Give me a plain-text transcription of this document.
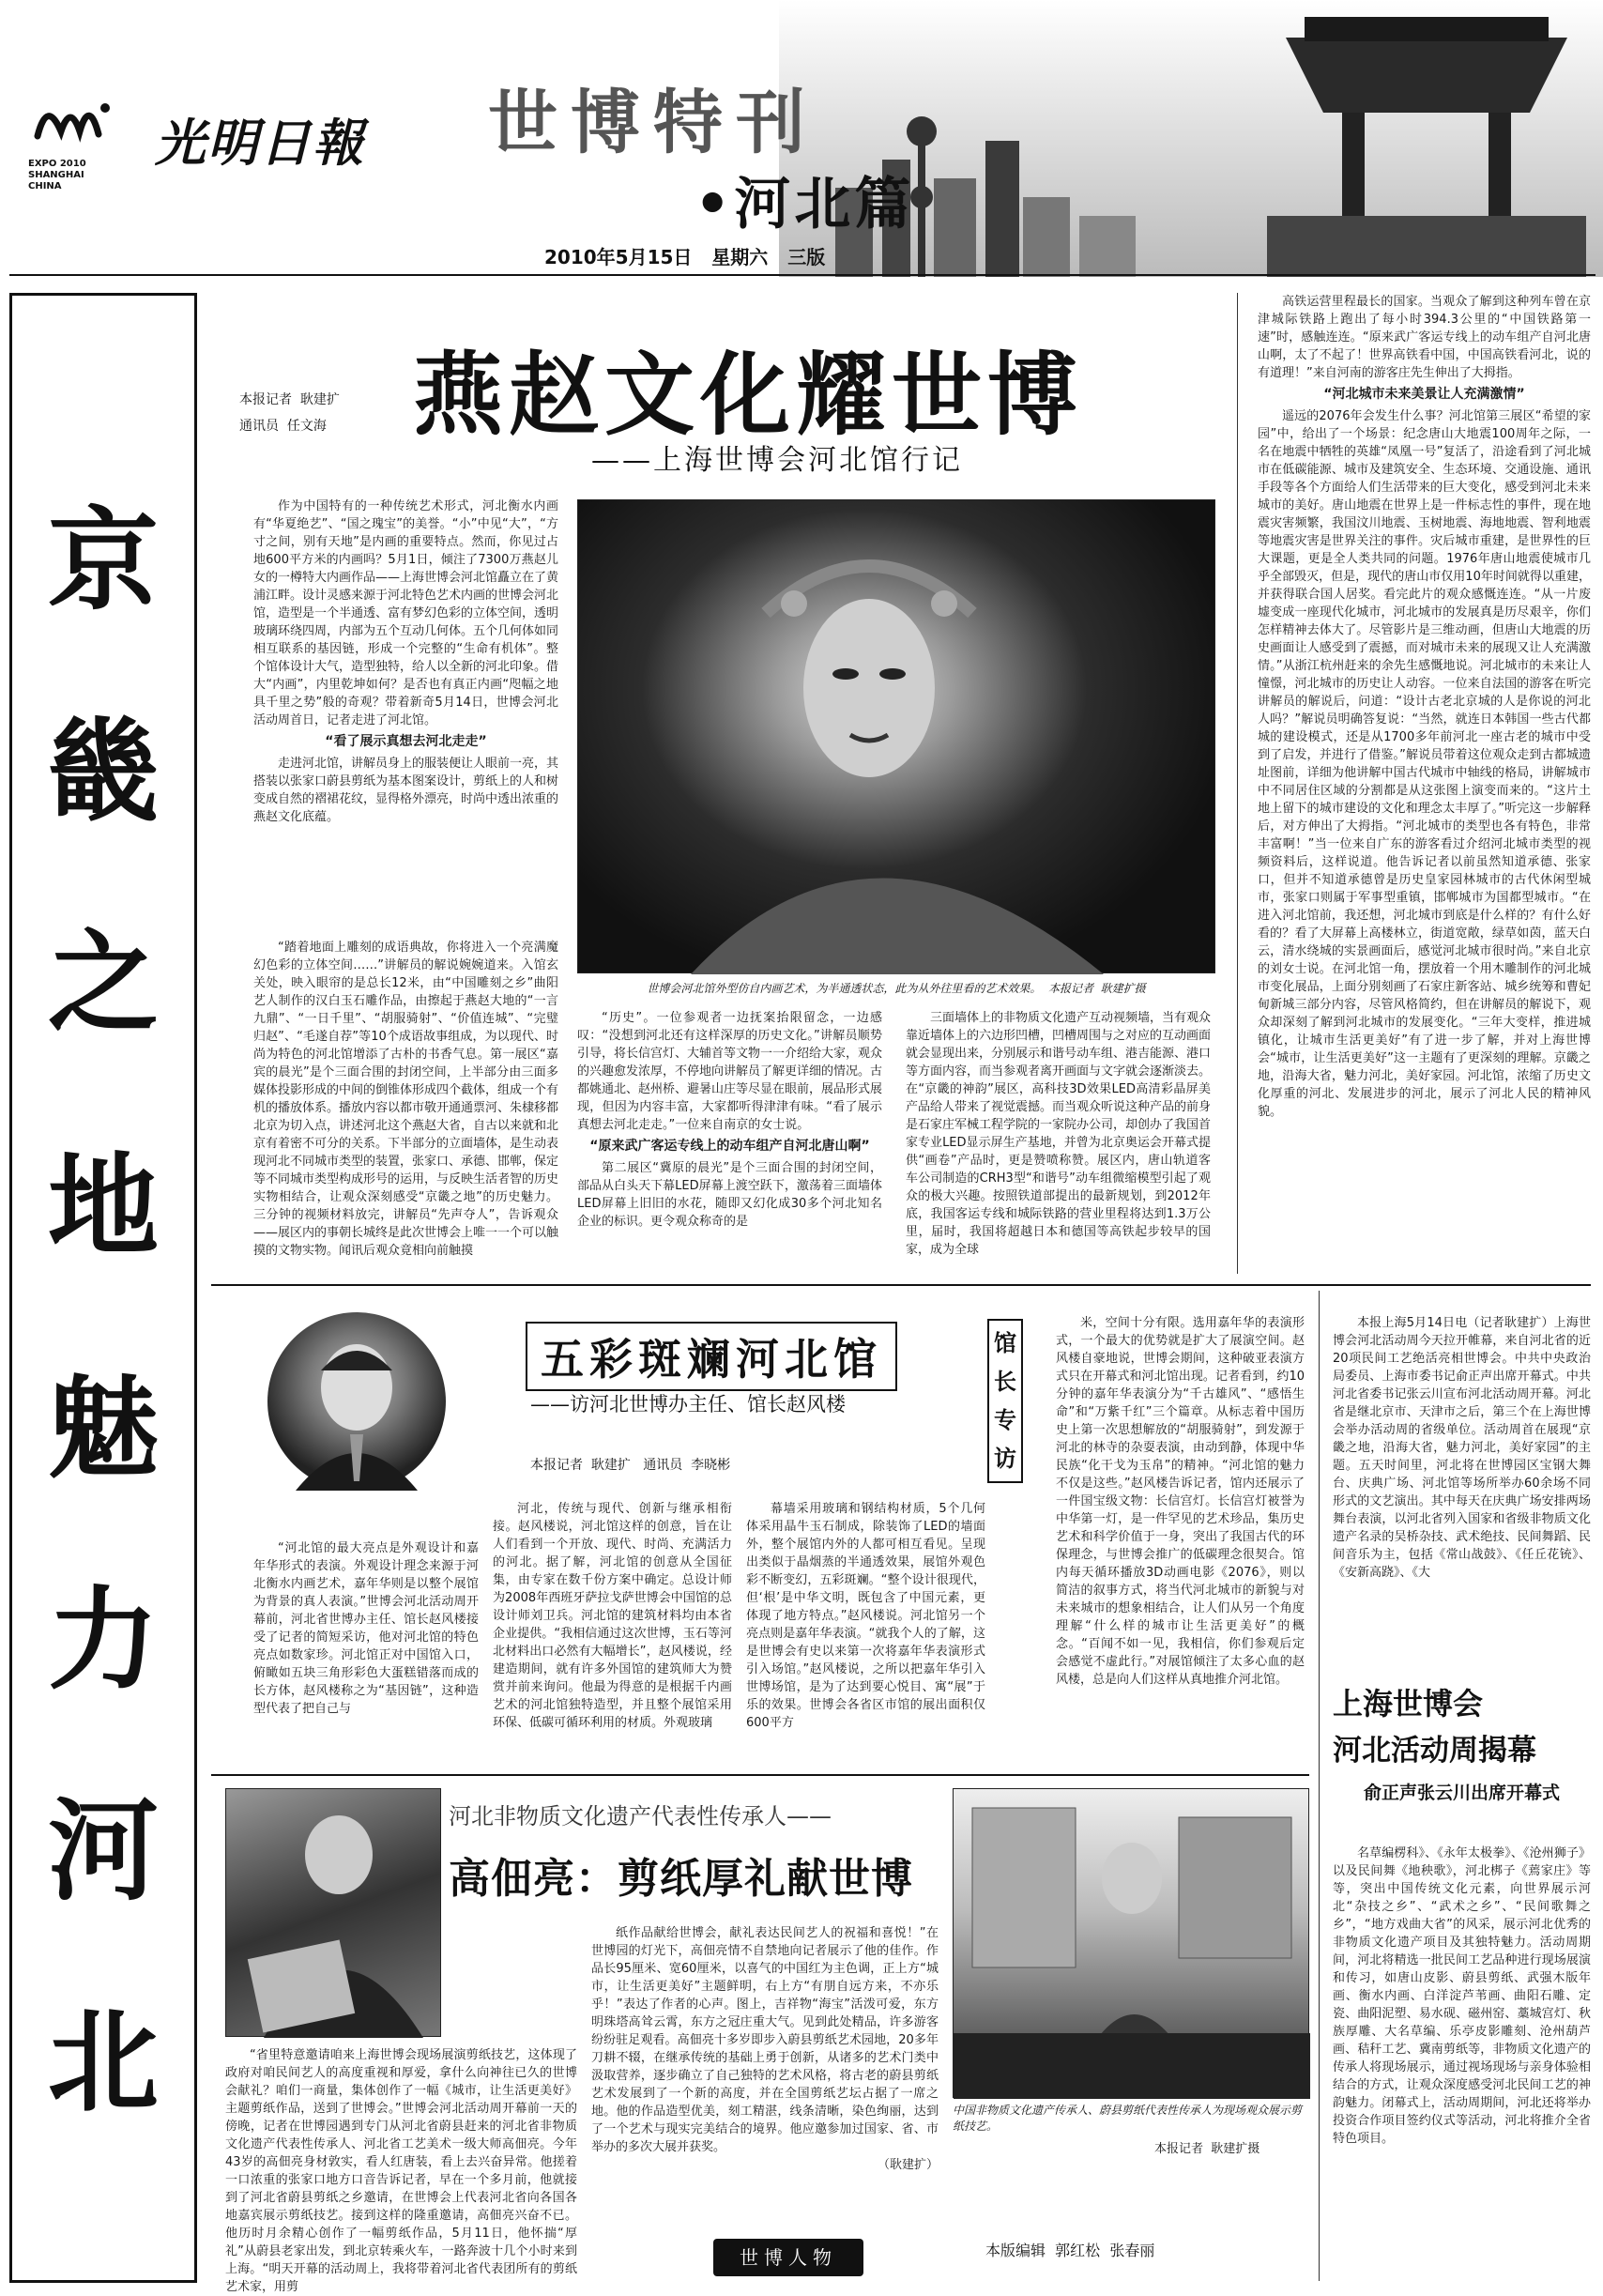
EXPO 2010 SHANGHAI CHINA
光明日報 世博特刊
•河北篇
2010年5月15日   星期六   三版
京
畿
之
地
魅
力
河
北
本报记者  耿建扩
通讯员  任文海 燕赵文化耀世博
——上海世博会河北馆行记

作为中国特有的一种传统艺术形式，河北衡水内画有“华夏绝艺”、“国之瑰宝”的美誉。“小”中见“大”，“方寸之间，别有天地”是内画的重要特点。然而，你见过占地600平方米的内画吗？5月1日，倾注了7300万燕赵儿女的一樽特大内画作品——上海世博会河北馆矗立在了黄浦江畔。设计灵感来源于河北特色艺术内画的世博会河北馆，造型是一个半通透、富有梦幻色彩的立体空间，透明玻璃环绕四周，内部为五个互动几何体。五个几何体如同相互联系的基因链，形成一个完整的“生命有机体”。整个馆体设计大气，造型独特，给人以全新的河北印象。借大“内画”，内里乾坤如何？是否也有真正内画“咫幅之地具千里之势”般的奇观？带着新奇5月14日，世博会河北活动周首日，记者走进了河北馆。

“看了展示真想去河北走走”

走进河北馆，讲解员身上的服装便让人眼前一亮，其搭装以张家口蔚县剪纸为基本图案设计，剪纸上的人和树变成自然的褶裙花纹，显得格外漂亮，时尚中透出浓重的燕赵文化底蕴。

“踏着地面上雕刻的成语典故，你将进入一个亮满魔幻色彩的立体空间……”讲解员的解说婉婉道来。入馆玄关处，映入眼帘的是总长12米，由“中国雕刻之乡”曲阳艺人制作的汉白玉石雕作品，由擦起于燕赵大地的“一言九鼎”、“一日千里”、“胡服骑射”、“价值连城”、“完璧归赵”、“毛遂自荐”等10个成语故事组成，为以现代、时尚为特色的河北馆增添了古朴的书香气息。第一展区“嘉宾的晨光”是个三面合围的封闭空间，上半部分由三面多媒体投影形成的中间的倒锥体形成四个截体，组成一个有机的播放体系。播放内容以都市敬开通通票河、朱棣移都北京为切入点，讲述河北这个燕赵大省，自古以来就和北京有着密不可分的关系。下半部分的立面墙体，是生动表现河北不同城市类型的装置，张家口、承德、邯郸，保定等不同城市类型构成形号的运用，与反映生活者智的历史实物相结合，让观众深刻感受“京畿之地”的历史魅力。三分钟的视频材料放完，讲解员“先声夺人”，告诉观众——展区内的事朝长城终是此次世博会上唯一一个可以触摸的文物实物。闻讯后观众竟相向前触摸

世博会河北馆外型仿自内画艺术，为半通透状态，此为从外往里看的艺术效果。  本报记者  耿建扩摄

“历史”。一位参观者一边抚案抬限留念，一边感叹：“没想到河北还有这样深厚的历史文化。”讲解员顺势引导，将长信宫灯、大辅首等文物一一介绍给大家，观众的兴趣愈发浓厚，不停地向讲解员了解更详细的情况。古都姚通北、赵州桥、避暑山庄等尽显在眼前，展品形式展现，但因为内容丰富，大家都听得津津有味。“看了展示真想去河北走走。”一位来自南京的女士说。

“原来武广客运专线上的动车组产自河北唐山啊”

第二展区“冀原的晨光”是个三面合围的封闭空间，部品从白头天下幕LED屏幕上渡空跃下，激荡着三面墙体LED屏幕上旧旧的水花，随即又幻化成30多个河北知名企业的标识。更令观众称奇的是

三面墙体上的非物质文化遗产互动视频墙，当有观众靠近墙体上的六边形凹槽，凹槽周围与之对应的互动画面就会显现出来，分别展示和谐号动车组、港吉能源、港口等方面内容，而当参观者离开画面与文字就会逐渐淡去。在“京畿的神韵”展区，高科技3D效果LED高清彩晶屏美产品给人带来了视觉震撼。而当观众听说这种产品的前身是石家庄军械工程学院的一家院办公司，却创办了我国首家专业LED显示屏生产基地，并曾为北京奥运会开幕式提供“画卷”产品时，更是赞喷称赞。展区内，唐山轨道客车公司制造的CRH3型“和谐号”动车组微缩模型引起了观众的极大兴趣。按照铁道部提出的最新规划，到2012年底，我国客运专线和城际铁路的营业里程将达到1.3万公里，届时，我国将超越日本和德国等高铁起步较早的国家，成为全球

高铁运营里程最长的国家。当观众了解到这种列车曾在京津城际铁路上跑出了每小时394.3公里的“中国铁路第一速”时，感触连连。“原来武广客运专线上的动车组产自河北唐山啊，太了不起了！世界高铁看中国，中国高铁看河北，说的有道理！”来自河南的游客庄先生伸出了大拇指。

“河北城市未来美景让人充满激情”

遥远的2076年会发生什么事？河北馆第三展区“希望的家园”中，给出了一个场景：纪念唐山大地震100周年之际，一名在地震中牺牲的英雄“凤凰一号”复活了，沿途看到了河北城市在低碳能源、城市及建筑安全、生态环境、交通设施、通讯手段等各个方面给人们生活带来的巨大变化，感受到河北未来城市的美好。唐山地震在世界上是一件标志性的事件，现在地震灾害频繁，我国汶川地震、玉树地震、海地地震、智利地震等地震灾害是世界关注的事件。灾后城市重建，是世界性的巨大课题，更是全人类共同的问题。1976年唐山地震使城市几乎全部毁灭，但是，现代的唐山市仅用10年时间就得以重建，并获得联合国人居奖。看完此片的观众感慨连连。“从一片废墟变成一座现代化城市，河北城市的发展真是历尽艰辛，你们怎样精神去体大了。尽管影片是三维动画，但唐山大地震的历史画面让人感受到了震撼，而对城市未来的展现又让人充满激情。”从浙江杭州赶来的余先生感慨地说。河北城市的未来让人憧憬，河北城市的历史让人动容。一位来自法国的游客在听完讲解员的解说后，问道：“设计古老北京城的人是你说的河北人吗？”解说员明确答复说：“当然，就连日本韩国一些古代都城的建设模式，还是从1700多年前河北一座古老的城市中受到了启发，并进行了借鉴。”解说员带着这位观众走到古都城遗址图前，详细为他讲解中国古代城市中轴线的格局，讲解城市中不同居住区域的分割都是从这张图上演变而来的。“这片土地上留下的城市建设的文化和理念太丰厚了。”听完这一步解释后，对方伸出了大拇指。“河北城市的类型也各有特色，非常丰富啊！”当一位来自广东的游客看过介绍河北城市类型的视频资料后，这样说道。他告诉记者以前虽然知道承德、张家口，但并不知道承德曾是历史皇家园林城市的古代休闲型城市，张家口则属于军事型重镇，邯郸城市为国都型城市。“在进入河北馆前，我还想，河北城市到底是什么样的？有什么好看的？看了大屏幕上高楼林立，街道宽敞，绿草如茵，蓝天白云，清水绕城的实景画面后，感觉河北城市很时尚。”来自北京的刘女士说。在河北馆一角，摆放着一个用木雕制作的河北城市变化展品，上面分别刻画了石家庄新客站、城乡统筹和曹妃甸新城三部分内容，尽管风格简约，但在讲解员的解说下，观众却深刻了解到河北城市的发展变化。“三年大变样，推进城镇化，让城市生活更美好”有了进一步了解，并对上海世博会“城市，让生活更美好”这一主题有了更深刻的理解。京畿之地，沿海大省，魅力河北，美好家园。河北馆，浓缩了历史文化厚重的河北、发展进步的河北，展示了河北人民的精神风貌。

五彩斑斓河北馆
——访河北世博办主任、馆长赵风楼
本报记者  耿建扩   通讯员  李晓彬
馆
长
专
访

“河北馆的最大亮点是外观设计和嘉年华形式的表演。外观设计理念来源于河北衡水内画艺术，嘉年华则是以整个展馆为背景的真人表演。”世博会河北活动周开幕前，河北省世博办主任、馆长赵风楼接受了记者的简短采访，他对河北馆的特色亮点如数家珍。河北馆正对中国馆入口，俯瞰如五块三角形彩色大蛋糕错落而成的长方体，赵风楼称之为“基因链”，这种造型代表了把自己与

河北，传统与现代、创新与继承相衔接。赵风楼说，河北馆这样的创意，旨在让人们看到一个开放、现代、时尚、充满活力的河北。据了解，河北馆的创意从全国征集，由专家在数千份方案中确定。总设计师为2008年西班牙萨拉戈萨世博会中国馆的总设计师刘卫兵。河北馆的建筑材料均由本省企业提供。“我相信通过这次世博，玉石等河北材料出口必然有大幅增长”，赵风楼说，经建造期间，就有许多外国馆的建筑师大为赞赏并前来询问。他最为得意的是根据千内画艺术的河北馆独特造型，并且整个展馆采用环保、低碳可循环利用的材质。外观玻璃

幕墙采用玻璃和钢结构材质，5个几何体采用晶牛玉石制成，除装饰了LED的墙面外，整个展馆内外的人都可相互看见。呈现出类似于晶烟蒸的半通透效果，展馆外观色彩不断变幻，五彩斑斓。“整个设计很现代，但‘根’是中华文明，既包含了中国元素，更体现了地方特点。”赵风楼说。河北馆另一个亮点则是嘉年华表演。“就我个人的了解，这是世博会有史以来第一次将嘉年华表演形式引入场馆。”赵风楼说，之所以把嘉年华引入世博场馆，是为了达到要心悦目、寓“展”于乐的效果。世博会各省区市馆的展出面积仅600平方

米，空间十分有限。选用嘉年华的表演形式，一个最大的优势就是扩大了展演空间。赵风楼自豪地说，世博会期间，这种破亚表演方式只在开幕式和河北馆出现。记者看到，约10分钟的嘉年华表演分为“千古雄风”、“感悟生命”和“万紫千红”三个篇章。从标志着中国历史上第一次思想解放的“胡服骑射”，到发源于河北的林寺的杂耍表演，由动到静，体现中华民族“化干戈为玉帛”的精神。“河北馆的魅力不仅是这些。”赵风楼告诉记者，馆内还展示了一件国宝级文物：长信宫灯。长信宫灯被誉为中华第一灯，是一件罕见的艺术珍品，集历史艺术和科学价值于一身，突出了我国古代的环保理念，与世博会推广的低碳理念很契合。馆内每天循环播放3D动画电影《2076》，则以简洁的叙事方式，将当代河北城市的新貌与对未来城市的想象相结合，让人们从另一个角度理解“什么样的城市让生活更美好”的概念。“百闻不如一见，我相信，你们参观后定会感觉不虚此行。”对展馆倾注了太多心血的赵风楼，总是向人们这样从真地推介河北馆。

本报上海5月14日电（记者耿建扩）上海世博会河北活动周今天拉开帷幕，来自河北省的近20项民间工艺绝活亮相世博会。中共中央政治局委员、上海市委书记俞正声出席开幕式。中共河北省委书记张云川宣布河北活动周开幕。河北省是继北京市、天津市之后，第三个在上海世博会举办活动周的省级单位。活动周首在展现“京畿之地，沿海大省，魅力河北，美好家园”的主题。五天时间里，河北将在世博园区宝钢大舞台、庆典广场、河北馆等场所举办60余场不同形式的文艺演出。其中每天在庆典广场安排两场舞台表演，以河北省列入国家和省级非物质文化遗产名录的吴桥杂技、武术绝技、民间舞蹈、民间音乐为主，包括《常山战鼓》、《任丘花铳》、《安新高跷》、《大

上海世博会
河北活动周揭幕
俞正声张云川出席开幕式

名草编楞科》、《永年太极拳》、《沧州狮子》以及民间舞《地秧歌》，河北梆子《蔫家庄》等等，突出中国传统文化元素，向世界展示河北“杂技之乡”、“武术之乡”、“民间歌舞之乡”，“地方戏曲大省”的风采，展示河北优秀的非物质文化遗产项目及其独特魅力。活动周期间，河北将精选一批民间工艺品种进行现场展演和传习，如唐山皮影、蔚县剪纸、武强木版年画、衡水内画、白洋淀芦苇画、曲阳石雕、定瓷、曲阳泥塑、易水砚、磁州窑、藁城宫灯、秋族厚雕、大名草编、乐亭皮影雕刻、沧州葫芦画、秸秆工艺、冀南剪纸等，非物质文化遗产的传承人将现场展示，通过视场现场与亲身体验相结合的方式，让观众深度感受河北民间工艺的神韵魅力。闭幕式上，活动周期间，河北还将举办投资合作项目签约仪式等活动，河北将推介全省特色项目。

河北非物质文化遗产代表性传承人——
高佃亮：剪纸厚礼献世博

“省里特意邀请咱来上海世博会现场展演剪纸技艺，这体现了政府对咱民间艺人的高度重视和厚爱，拿什么向神往已久的世博会献礼？咱们一商量，集体创作了一幅《城市，让生活更美好》主题剪纸作品，送到了世博会。”世博会河北活动周开幕前一天的傍晚，记者在世博园遇到专门从河北省蔚县赶来的河北省非物质文化遗产代表性传承人、河北省工艺美术一级大师高佃亮。今年43岁的高佃亮身材敦实，看人红唐装，看上去兴奋异常。他搓着一口浓重的张家口地方口音告诉记者，早在一个多月前，他就接到了河北省蔚县剪纸之乡邀请，在世博会上代表河北省向各国各地嘉宾展示剪纸技艺。接到这样的隆重邀请，高佃亮兴奋不已。他历时月余精心创作了一幅剪纸作品，5月11日，他怀揣“厚礼”从蔚县老家出发，到北京转乘火车，一路奔波十几个小时来到上海。“明天开幕的活动周上，我将带着河北省代表团所有的剪纸艺术家，用剪

纸作品献给世博会，献礼表达民间艺人的祝福和喜悦！”在世博园的灯光下，高佃亮情不自禁地向记者展示了他的佳作。作品长95厘米、宽60厘米，以喜气的中国红为主色调，正上方“城市，让生活更美好”主题鲜明，右上方“有朋自远方来，不亦乐乎！”表达了作者的心声。图上，吉祥物“海宝”活泼可爱，东方明珠塔高耸云霄，东方之冠庄重大气。见到此处精品，许多游客纷纷驻足观看。高佃亮十多岁即步入蔚县剪纸艺术园地，20多年刀耕不辍，在继承传统的基础上勇于创新，从诸多的艺术门类中汲取营养，逐步确立了自己独特的艺术风格，将古老的蔚县剪纸艺术发展到了一个新的高度，并在全国剪纸艺坛占据了一席之地。他的作品造型优美，刻工精湛，线条清晰，染色绚丽，达到了一个艺术与现实完美结合的境界。他应邀参加过国家、省、市举办的多次大展并获奖。

（耿建扩）
世博人物
中国非物质文化遗产传承人、蔚县剪纸代表性传承人为现场观众展示剪纸技艺。
本报记者  耿建扩摄
本版编辑  郭红松  张春丽
